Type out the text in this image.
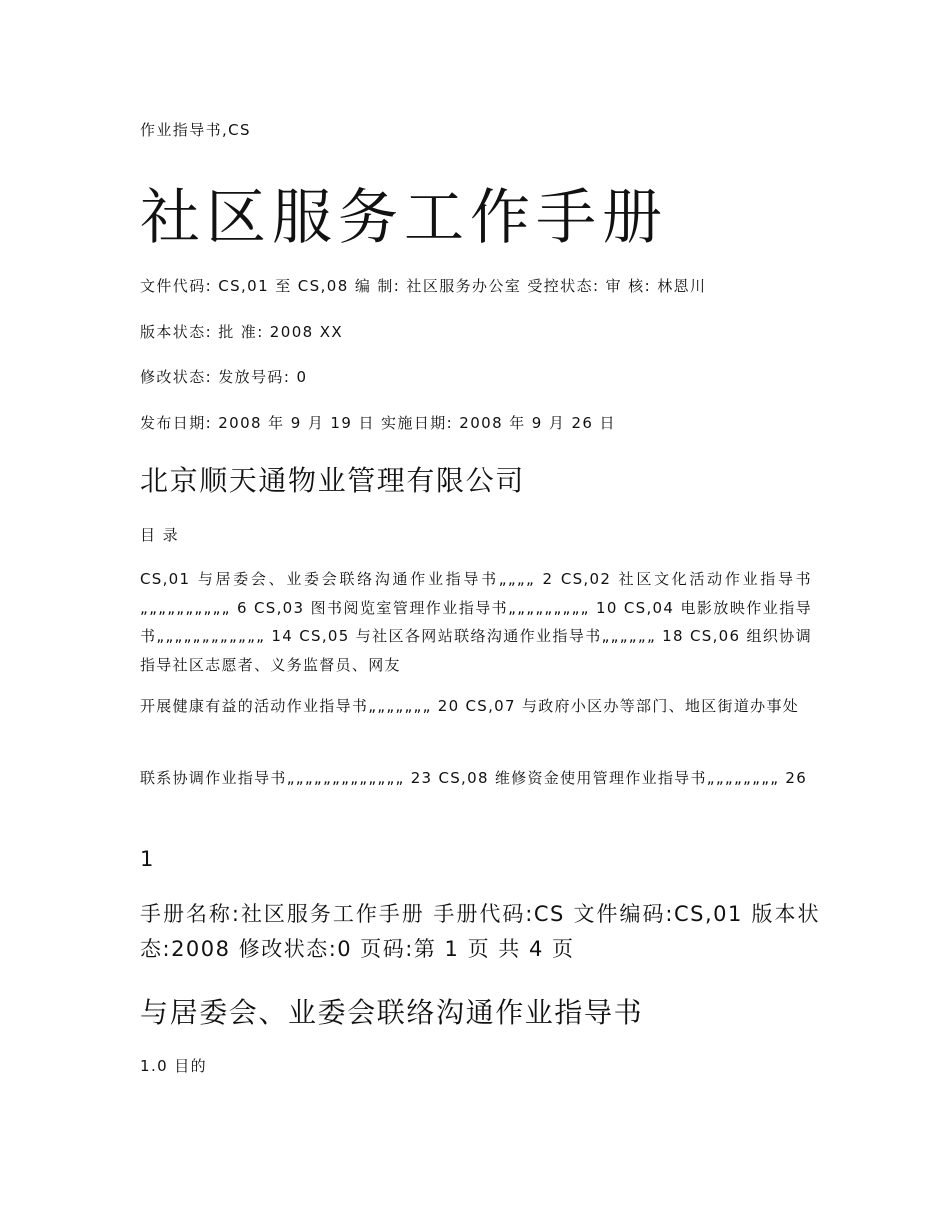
作业指导书,CS
社区服务工作手册
文件代码: CS,01 至 CS,08 编 制: 社区服务办公室 受控状态: 审 核: 林恩川
版本状态: 批 准: 2008 XX
修改状态: 发放号码: 0
发布日期: 2008 年 9 月 19 日 实施日期: 2008 年 9 月 26 日
北京顺天通物业管理有限公司
目 录

CS,01 与居委会、业委会联络沟通作业指导书„„„„ 2 CS,02 社区文化活动作业指导书„„„„„„„„„„ 6 CS,03 图书阅览室管理作业指导书„„„„„„„„„ 10 CS,04 电影放映作业指导书„„„„„„„„„„„„ 14 CS,05 与社区各网站联络沟通作业指导书„„„„„„ 18 CS,06 组织协调指导社区志愿者、义务监督员、网友

开展健康有益的活动作业指导书„„„„„„„ 20 CS,07 与政府小区办等部门、地区街道办事处

联系协调作业指导书„„„„„„„„„„„„„ 23 CS,08 维修资金使用管理作业指导书„„„„„„„„ 26

1

手册名称:社区服务工作手册 手册代码:CS 文件编码:CS,01 版本状态:2008 修改状态:0 页码:第 1 页 共 4 页

与居委会、业委会联络沟通作业指导书
1.0 目的
